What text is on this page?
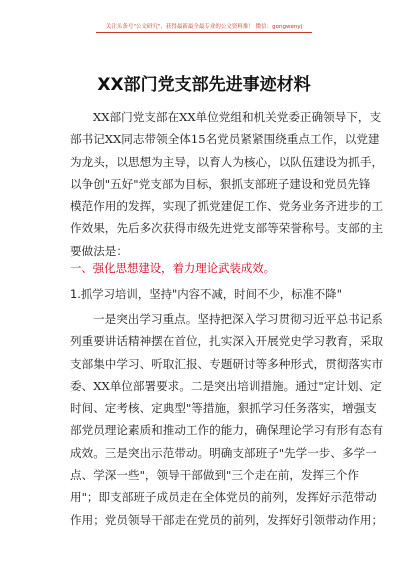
关注头条号"公文研究"，获得最新最全最专业的公文资料推！ 微信：gongwenyj
XX部门党支部先进事迹材料
XX部门党支部在XX单位党组和机关党委正确领导下，支
部书记XX同志带领全体15名党员紧紧围绕重点工作，以党建
为龙头，以思想为主导，以育人为核心，以队伍建设为抓手，
以争创"五好"党支部为目标，狠抓支部班子建设和党员先锋
模范作用的发挥，实现了抓党建促工作、党务业务齐进步的工
作效果，先后多次获得市级先进党支部等荣誉称号。支部的主
要做法是：
一、强化思想建设，着力理论武装成效。
1.抓学习培训，坚持"内容不减，时间不少，标准不降"
一是突出学习重点。坚持把深入学习贯彻习近平总书记系
列重要讲话精神摆在首位，扎实深入开展党史学习教育，采取
支部集中学习、听取汇报、专题研讨等多种形式，贯彻落实市
委、XX单位部署要求。二是突出培训措施。通过"定计划、定
时间、定考核、定典型"等措施，狠抓学习任务落实，增强支
部党员理论素质和推动工作的能力，确保理论学习有形有态有
成效。三是突出示范带动。明确支部班子"先学一步、多学一
点、学深一些"，领导干部做到"三个走在前，发挥三个作
用"；即支部班子成员走在全体党员的前列，发挥好示范带动
作用；党员领导干部走在党员的前列，发挥好引领带动作用；
